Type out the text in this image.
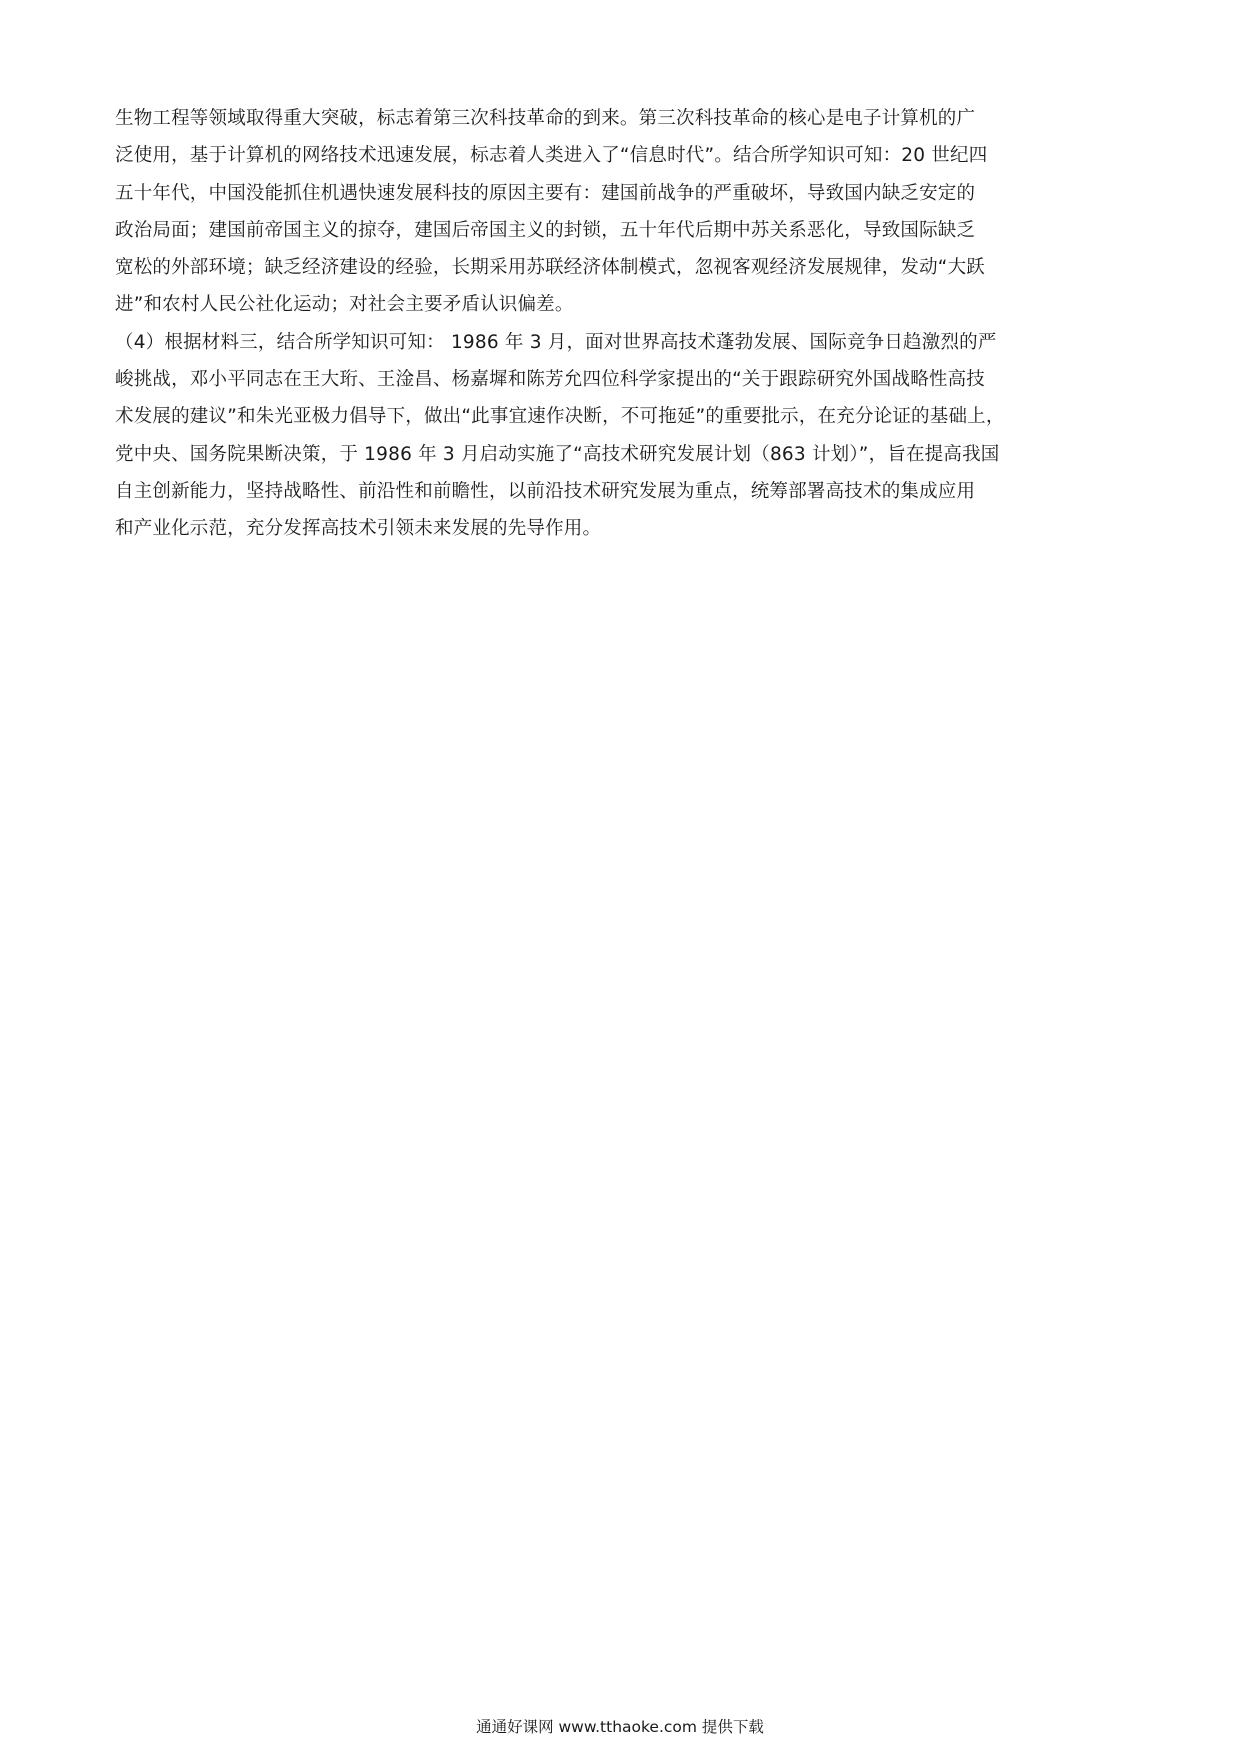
生物工程等领域取得重大突破，标志着第三次科技革命的到来。第三次科技革命的核心是电子计算机的广
泛使用，基于计算机的网络技术迅速发展，标志着人类进入了“信息时代”。结合所学知识可知：20 世纪四
五十年代，中国没能抓住机遇快速发展科技的原因主要有：建国前战争的严重破坏，导致国内缺乏安定的
政治局面；建国前帝国主义的掠夺，建国后帝国主义的封锁，五十年代后期中苏关系恶化，导致国际缺乏
宽松的外部环境；缺乏经济建设的经验，长期采用苏联经济体制模式，忽视客观经济发展规律，发动“大跃
进”和农村人民公社化运动；对社会主要矛盾认识偏差。
（4）根据材料三，结合所学知识可知： 1986 年 3 月，面对世界高技术蓬勃发展、国际竞争日趋激烈的严
峻挑战，邓小平同志在王大珩、王淦昌、杨嘉墀和陈芳允四位科学家提出的“关于跟踪研究外国战略性高技
术发展的建议”和朱光亚极力倡导下，做出“此事宜速作决断，不可拖延”的重要批示，在充分论证的基础上，
党中央、国务院果断决策，于 1986 年 3 月启动实施了“高技术研究发展计划（863 计划）”，旨在提高我国
自主创新能力，坚持战略性、前沿性和前瞻性，以前沿技术研究发展为重点，统筹部署高技术的集成应用
和产业化示范，充分发挥高技术引领未来发展的先导作用。
通通好课网 www.tthaoke.com 提供下载
